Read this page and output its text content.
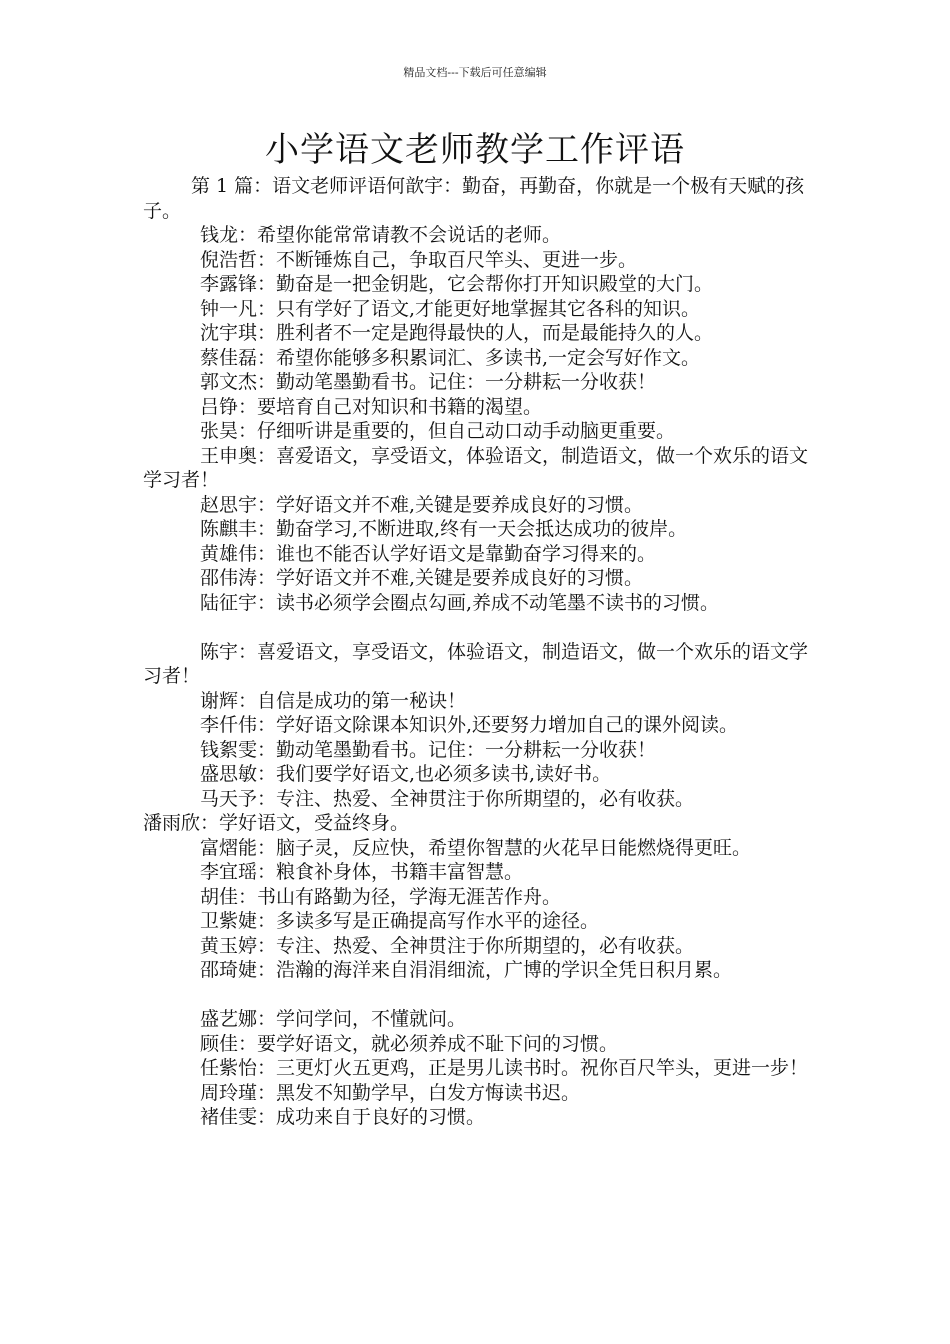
精品文档---下载后可任意编辑
小学语文老师教学工作评语

第 1 篇：语文老师评语何歆宇：勤奋，再勤奋，你就是一个极有天赋的孩子。

钱龙：希望你能常常请教不会说话的老师。

倪浩哲：不断锤炼自己，争取百尺竿头、更进一步。

李露锋：勤奋是一把金钥匙，它会帮你打开知识殿堂的大门。

钟一凡：只有学好了语文,才能更好地掌握其它各科的知识。

沈宇琪：胜利者不一定是跑得最快的人，而是最能持久的人。

蔡佳磊：希望你能够多积累词汇、多读书,一定会写好作文。

郭文杰：勤动笔墨勤看书。记住：一分耕耘一分收获！

吕铮：要培育自己对知识和书籍的渴望。

张昊：仔细听讲是重要的，但自己动口动手动脑更重要。

王申奥：喜爱语文，享受语文，体验语文，制造语文，做一个欢乐的语文学习者！

赵思宇：学好语文并不难,关键是要养成良好的习惯。

陈麒丰：勤奋学习,不断进取,终有一天会抵达成功的彼岸。

黄雄伟：谁也不能否认学好语文是靠勤奋学习得来的。

邵伟涛：学好语文并不难,关键是要养成良好的习惯。

陆征宇：读书必须学会圈点勾画,养成不动笔墨不读书的习惯。

陈宇：喜爱语文，享受语文，体验语文，制造语文，做一个欢乐的语文学习者！

谢辉：自信是成功的第一秘诀！

李仟伟：学好语文除课本知识外,还要努力增加自己的课外阅读。

钱絮雯：勤动笔墨勤看书。记住：一分耕耘一分收获！

盛思敏：我们要学好语文,也必须多读书,读好书。

马天予：专注、热爱、全神贯注于你所期望的，必有收获。

潘雨欣：学好语文，受益终身。

富熠能：脑子灵，反应快，希望你智慧的火花早日能燃烧得更旺。

李宜瑶：粮食补身体，书籍丰富智慧。

胡佳：书山有路勤为径，学海无涯苦作舟。

卫紫婕：多读多写是正确提高写作水平的途径。

黄玉婷：专注、热爱、全神贯注于你所期望的，必有收获。

邵琦婕：浩瀚的海洋来自涓涓细流，广博的学识全凭日积月累。

盛艺娜：学问学问，不懂就问。

顾佳：要学好语文，就必须养成不耻下问的习惯。

任紫怡：三更灯火五更鸡，正是男儿读书时。祝你百尺竿头，更进一步！

周玲瑾：黑发不知勤学早，白发方悔读书迟。

褚佳雯：成功来自于良好的习惯。
